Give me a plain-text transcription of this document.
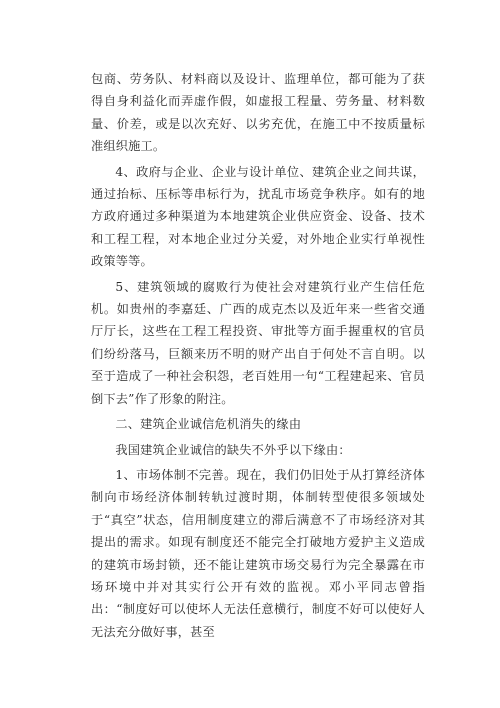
包商、劳务队、材料商以及设计、监理单位，都可能为了获得自身利益化而弄虚作假，如虚报工程量、劳务量、材料数量、价差，或是以次充好、以劣充优，在施工中不按质量标准组织施工。

4、政府与企业、企业与设计单位、建筑企业之间共谋，通过抬标、压标等串标行为，扰乱市场竞争秩序。如有的地方政府通过多种渠道为本地建筑企业供应资金、设备、技术和工程工程，对本地企业过分关爱，对外地企业实行单视性政策等等。

5、建筑领域的腐败行为使社会对建筑行业产生信任危机。如贵州的李嘉廷、广西的成克杰以及近年来一些省交通厅厅长，这些在工程工程投资、审批等方面手握重权的官员们纷纷落马，巨额来历不明的财产出自于何处不言自明。以至于造成了一种社会积怨，老百姓用一句“工程建起来、官员倒下去”作了形象的附注。

二、建筑企业诚信危机消失的缘由

我国建筑企业诚信的缺失不外乎以下缘由：

1、市场体制不完善。现在，我们仍旧处于从打算经济体制向市场经济体制转轨过渡时期，体制转型使很多领域处于“真空”状态，信用制度建立的滞后满意不了市场经济对其提出的需求。如现有制度还不能完全打破地方爱护主义造成的建筑市场封锁，还不能让建筑市场交易行为完全暴露在市场环境中并对其实行公开有效的监视。邓小平同志曾指出：“制度好可以使坏人无法任意横行，制度不好可以使好人无法充分做好事，甚至
